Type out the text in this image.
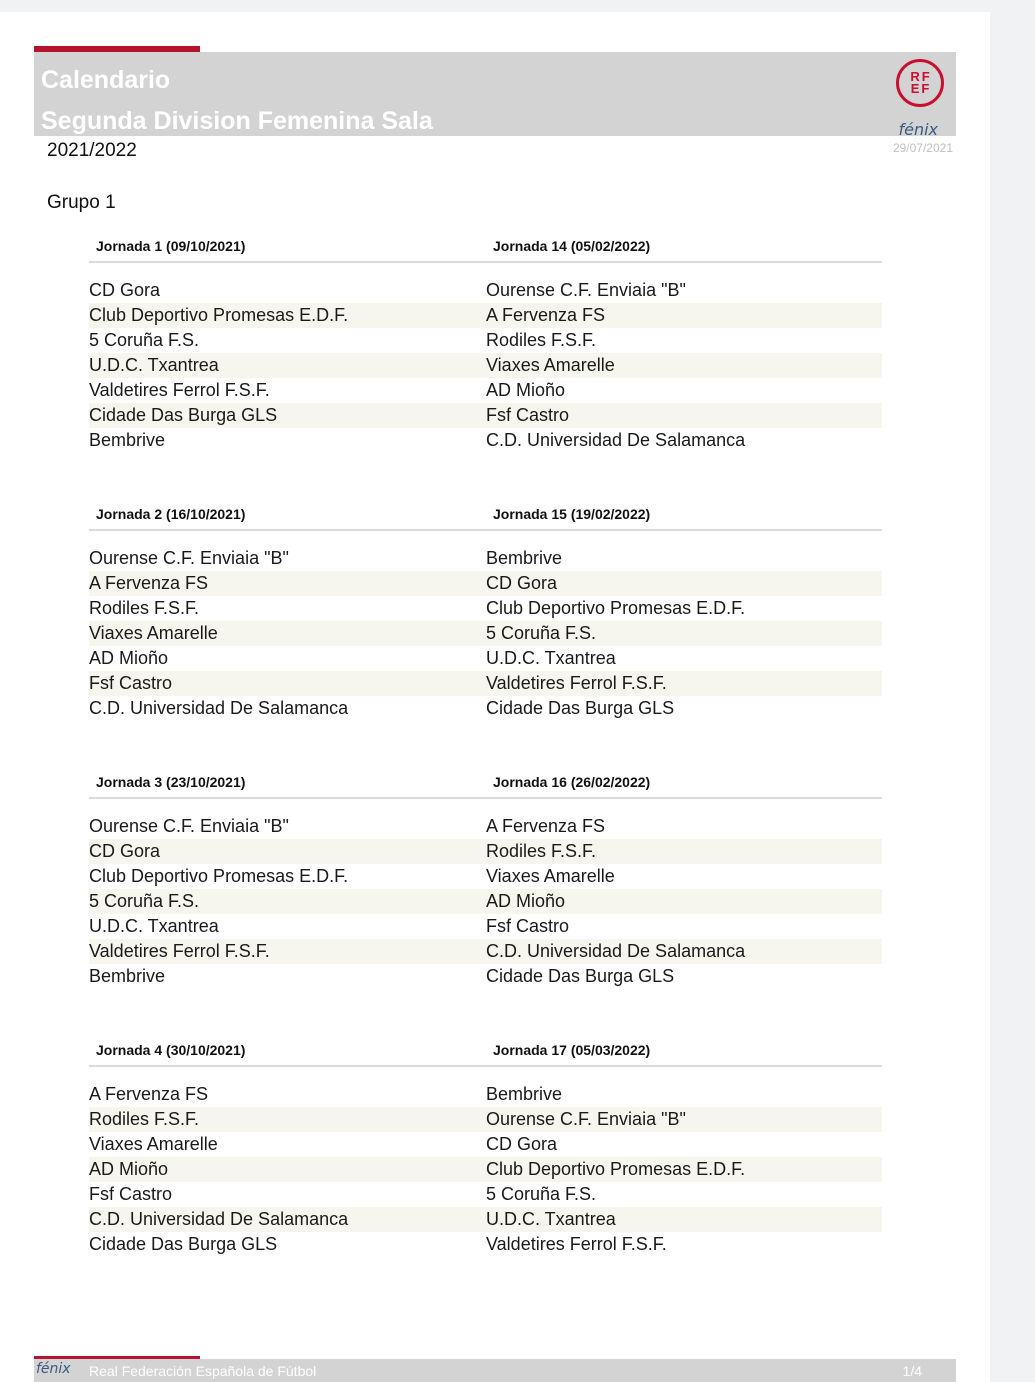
Calendario
Segunda Division Femenina Sala
RF
EF
fénix
2021/2022	29/07/2021
Grupo 1
Jornada 1 (09/10/2021)	Jornada 14 (05/02/2022)
CD Gora	Ourense C.F. Enviaia "B"
Club Deportivo Promesas E.D.F.	A Fervenza FS
5 Coruña F.S.	Rodiles F.S.F.
U.D.C. Txantrea	Viaxes Amarelle
Valdetires Ferrol F.S.F.	AD Mioño
Cidade Das Burga GLS	Fsf Castro
Bembrive	C.D. Universidad De Salamanca
Jornada 2 (16/10/2021)	Jornada 15 (19/02/2022)
Ourense C.F. Enviaia "B"	Bembrive
A Fervenza FS	CD Gora
Rodiles F.S.F.	Club Deportivo Promesas E.D.F.
Viaxes Amarelle	5 Coruña F.S.
AD Mioño	U.D.C. Txantrea
Fsf Castro	Valdetires Ferrol F.S.F.
C.D. Universidad De Salamanca	Cidade Das Burga GLS
Jornada 3 (23/10/2021)	Jornada 16 (26/02/2022)
Ourense C.F. Enviaia "B"	A Fervenza FS
CD Gora	Rodiles F.S.F.
Club Deportivo Promesas E.D.F.	Viaxes Amarelle
5 Coruña F.S.	AD Mioño
U.D.C. Txantrea	Fsf Castro
Valdetires Ferrol F.S.F.	C.D. Universidad De Salamanca
Bembrive	Cidade Das Burga GLS
Jornada 4 (30/10/2021)	Jornada 17 (05/03/2022)
A Fervenza FS	Bembrive
Rodiles F.S.F.	Ourense C.F. Enviaia "B"
Viaxes Amarelle	CD Gora
AD Mioño	Club Deportivo Promesas E.D.F.
Fsf Castro	5 Coruña F.S.
C.D. Universidad De Salamanca	U.D.C. Txantrea
Cidade Das Burga GLS	Valdetires Ferrol F.S.F.
fénix Real Federación Española de Fútbol	1/4
